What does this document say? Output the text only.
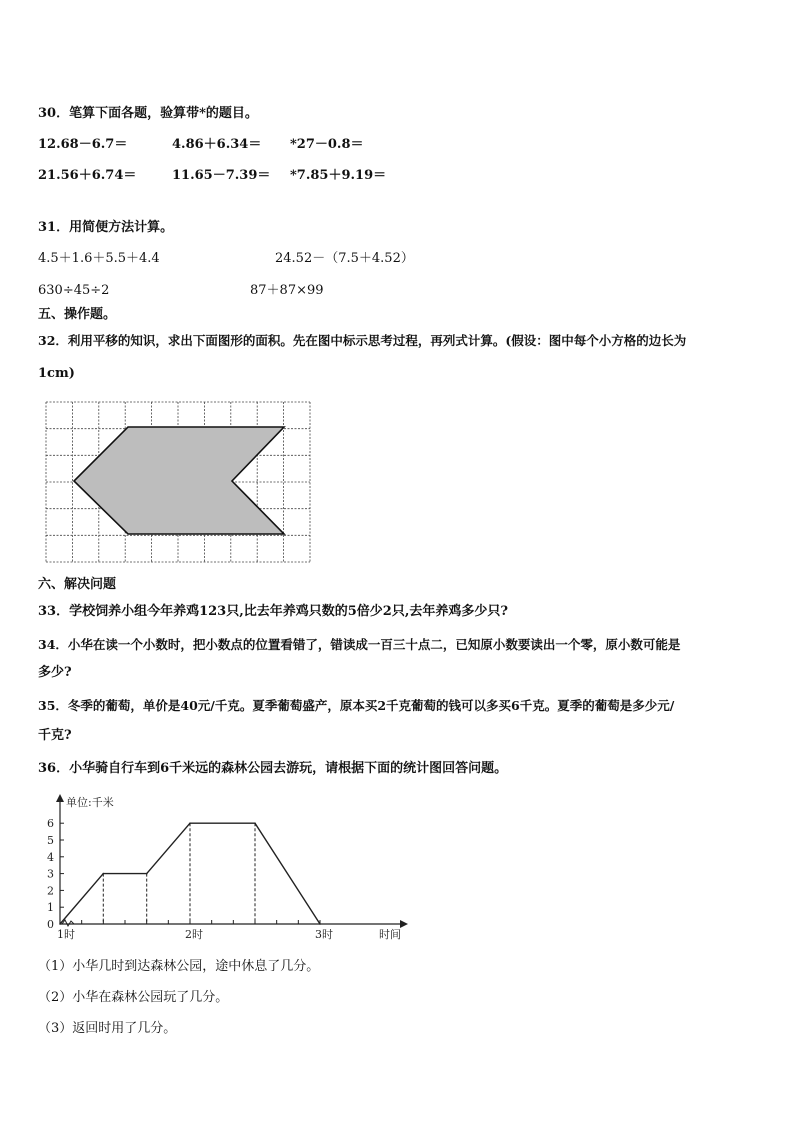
30．笔算下面各题，验算带*的题目。
12.68－6.7＝	4.86＋6.34＝ *27－0.8＝
21.56＋6.74＝	11.65－7.39＝ *7.85＋9.19＝
31．用简便方法计算。
4.5＋1.6＋5.5＋4.4	24.52－（7.5＋4.52）
630÷45÷2	87＋87×99
五、操作题。
32．利用平移的知识，求出下面图形的面积。先在图中标示思考过程，再列式计算。(假设：图中每个小方格的边长为
1cm)
六、解决问题
33．学校饲养小组今年养鸡123只,比去年养鸡只数的5倍少2只,去年养鸡多少只?
34．小华在读一个小数时，把小数点的位置看错了，错读成一百三十点二，已知原小数要读出一个零，原小数可能是
多少?
35．冬季的葡萄，单价是40元/千克。夏季葡萄盛产，原本买2千克葡萄的钱可以多买6千克。夏季的葡萄是多少元/
千克?
36．小华骑自行车到6千米远的森林公园去游玩，请根据下面的统计图回答问题。
0
1
2
3
4
5
6
1时	2时	3时	时间
单位:千米
（1）小华几时到达森林公园，途中休息了几分。
（2）小华在森林公园玩了几分。
（3）返回时用了几分。
